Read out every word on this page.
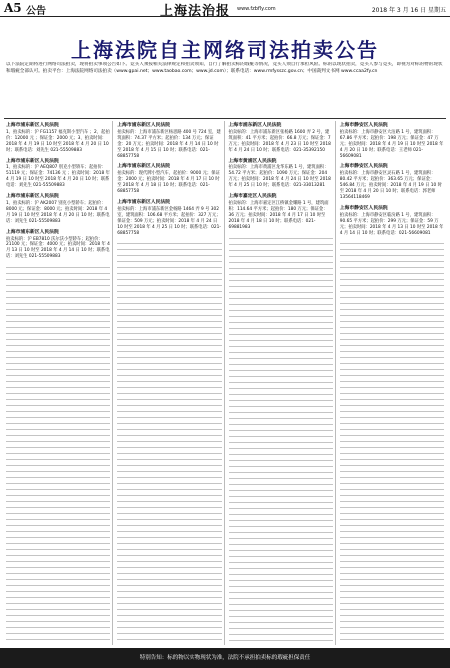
A5 公告	上海法治报 www.fzbfly.com	2018 年 3 月 16 日 星期五
上海法院自主网络司法拍卖公告
以下法院定期将进行网络司法拍卖，现将拍卖事项公告如下。竞买人须按相关法律规定和拍卖须知，自行了解拍卖标的瑕疵等情况，竞买人须自行承担风险。标的以现状拍卖，竞买人参与竞买，即视为对标的物的现状和瑕疵全部认可。拍卖平台：上海法院网络司法拍卖（www.gpai.net；www.taobao.com；www.jd.com）；联系电话：www.rmfysszc.gov.cn；中国裁判文书网 www.ccaa2fy.cn
上海市浦东新区人民法院
1、拍卖标的：沪 FG1157 福克斯小型汽车 ；2、起拍价：12000 元 ；保证金：2000 元；3、拍卖时间：2018 年 4 月 19 日 10 时至 2018 年 4 月 20 日 10 时；联系电话：刘先生 021-55509883
上海市浦东新区人民法院
1、拍卖标的：沪 AEQ807 别克小型轿车；起拍价：51119 元；保证金：74136 元 ；拍卖时间：2018 年 4 月 19 日 10 时至 2018 年 4 月 20 日 10 时；联系电话：刘先生 021-55509883
上海市浦东新区人民法院
1、拍卖标的：沪 AK2007 别克小型轿车；起拍价：8000 元；保证金：8000 元；拍卖时间：2018 年 4 月 19 日 10 时至 2018 年 4 月 20 日 10 时；联系电话：刘先生 021-55509883
上海市浦东新区人民法院
拍卖标的：沪 EB7810 沃尔沃小型轿车；起拍价：21100 元；保证金：4000 元；拍卖时间：2018 年 4 月 13 日 10 时至 2018 年 4 月 14 日 10 时；联系电话：刘先生 021-55509883
上海市浦东新区人民法院
拍卖标的：上海市浦东新区杨思路 400 号 724 室，建筑面积：74.37 平方米；起拍价：134 万元；保证金：20 万元；拍卖时间：2018 年 4 月 14 日 10 时至 2018 年 4 月 15 日 10 时；联系电话：021-68857758
上海市浦东新区人民法院
拍卖标的：现代牌小型汽车，起拍价：9000 元；保证金：2000 元；拍卖时间：2018 年 4 月 17 日 10 时至 2018 年 4 月 18 日 10 时；联系电话：021-68857758
上海市浦东新区人民法院
拍卖标的：上海市浦东新区金杨路 1464 弄 9 号 302 室，建筑面积：106.68 平方米；起拍价：327 万元；保证金：509 万元；拍卖时间：2018 年 4 月 24 日 10 时至 2018 年 4 月 25 日 10 时；联系电话：021-68857758
上海市浦东新区人民法院
拍卖标的：上海市浦东新区张杨路 1600 弄 2 号，建筑面积：41 平方米；起拍价：66.8 万元；保证金：7 万元；拍卖时间：2018 年 4 月 23 日 10 时至 2018 年 4 月 24 日 10 时；联系电话：021-35392150
上海市黄浦区人民法院
拍卖标的：上海市黄浦区龙华东路 1 号，建筑面积：54.72 平方米；起拍价：1090 万元；保证金：204 万元；拍卖时间：2018 年 4 月 24 日 10 时至 2018 年 4 月 25 日 10 时；联系电话：021-33013281
上海市嘉定区人民法院
拍卖标的：上海市嘉定区江桥镇金耀路 1 号，建筑面积：114.64 平方米；起拍价：180 万元；保证金：36 万元；拍卖时间：2018 年 4 月 17 日 10 时至 2018 年 4 月 18 日 10 时；联系电话：021-69881983
上海市静安区人民法院
拍卖标的：上海市静安区大沽路 1 号，建筑面积：67.86 平方米；起拍价：198 万元；保证金：47 万元；拍卖时间：2018 年 4 月 19 日 10 时至 2018 年 4 月 20 日 10 时；联系电话：王老师 021-56609081
上海市静安区人民法院
拍卖标的：上海市静安区灵石路 1 号，建筑面积：80.42 平方米；起拍价：363.65 万元；保证金：546.84 万元；拍卖时间：2018 年 4 月 19 日 10 时至 2018 年 4 月 20 日 10 时；联系电话：郭老师 13564118469
上海市静安区人民法院
拍卖标的：上海市静安区临汾路 1 号，建筑面积：90.65 平方米；起拍价：299 万元；保证金：59 万元；拍卖时间：2018 年 4 月 13 日 10 时至 2018 年 4 月 14 日 10 时；联系电话：021-56609081
特别告知：标的物以实物现状为准，法院不承担拍卖标的瑕疵担保责任
